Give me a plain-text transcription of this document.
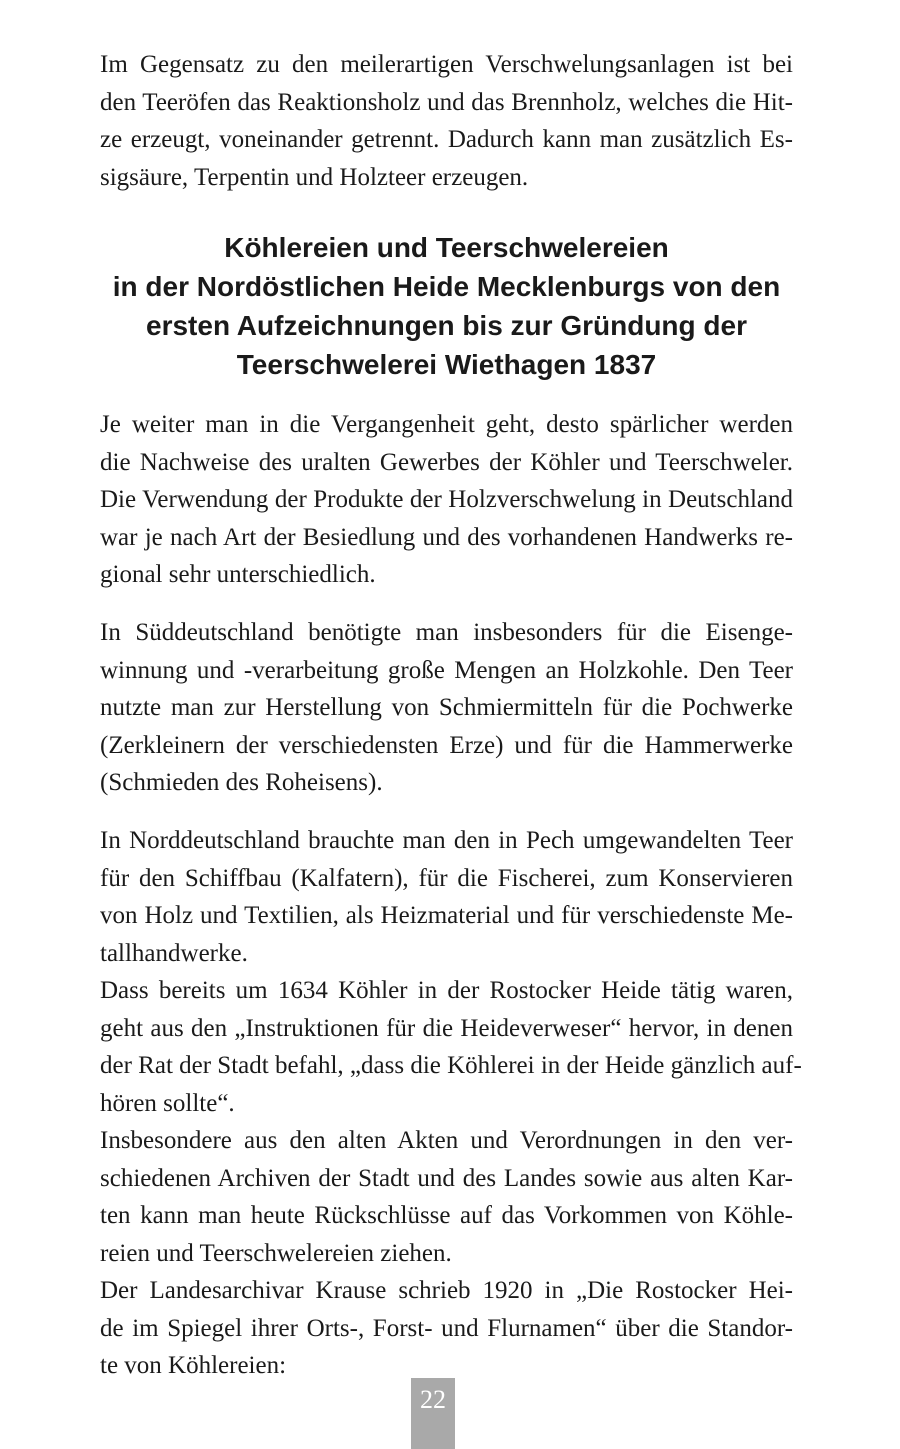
Im Gegensatz zu den meilerartigen Verschwelungsanlagen ist bei
den Teeröfen das Reaktionsholz und das Brennholz, welches die Hit-
ze erzeugt, voneinander getrennt. Dadurch kann man zusätzlich Es-
sigsäure, Terpentin und Holzteer erzeugen.
Köhlereien und Teerschwelereien
in der Nordöstlichen Heide Mecklenburgs von den
ersten Aufzeichnungen bis zur Gründung der
Teerschwelerei Wiethagen 1837
Je weiter man in die Vergangenheit geht, desto spärlicher werden
die Nachweise des uralten Gewerbes der Köhler und Teerschweler.
Die Verwendung der Produkte der Holzverschwelung in Deutschland
war je nach Art der Besiedlung und des vorhandenen Handwerks re-
gional sehr unterschiedlich.
In Süddeutschland benötigte man insbesonders für die Eisenge-
winnung und -verarbeitung große Mengen an Holzkohle. Den Teer
nutzte man zur Herstellung von Schmiermitteln für die Pochwerke
(Zerkleinern der verschiedensten Erze) und für die Hammerwerke
(Schmieden des Roheisens).
In Norddeutschland brauchte man den in Pech umgewandelten Teer
für den Schiffbau (Kalfatern), für die Fischerei, zum Konservieren
von Holz und Textilien, als Heizmaterial und für verschiedenste Me-
tallhandwerke.
Dass bereits um 1634 Köhler in der Rostocker Heide tätig waren,
geht aus den „Instruktionen für die Heideverweser“ hervor, in denen
der Rat der Stadt befahl, „dass die Köhlerei in der Heide gänzlich auf-
hören sollte“.
Insbesondere aus den alten Akten und Verordnungen in den ver-
schiedenen Archiven der Stadt und des Landes sowie aus alten Kar-
ten kann man heute Rückschlüsse auf das Vorkommen von Köhle-
reien und Teerschwelereien ziehen.
Der Landesarchivar Krause schrieb 1920 in „Die Rostocker Hei-
de im Spiegel ihrer Orts-, Forst- und Flurnamen“ über die Standor-
te von Köhlereien:
22
